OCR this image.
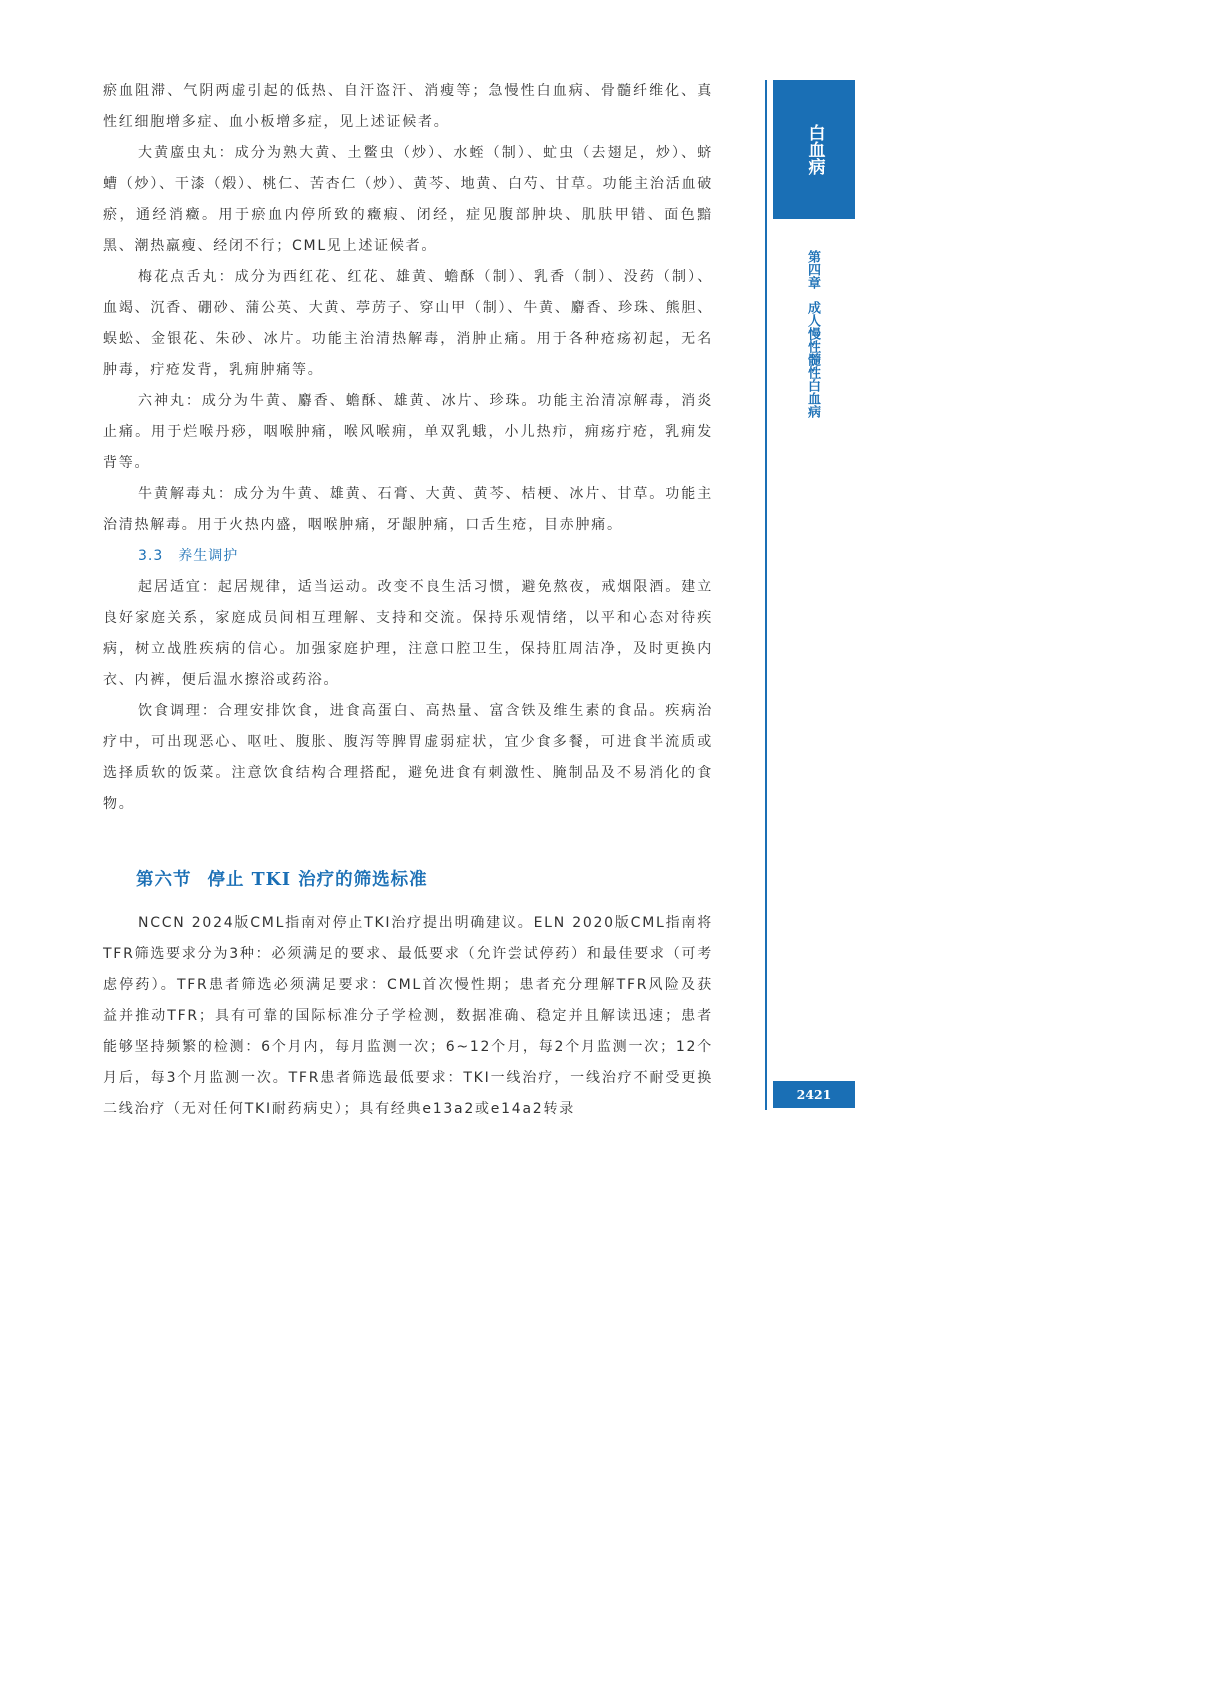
瘀血阻滞、气阴两虚引起的低热、自汗盗汗、消瘦等；急慢性白血病、骨髓纤维化、真性红细胞增多症、血小板增多症，见上述证候者。

大黄䗪虫丸：成分为熟大黄、土鳖虫（炒）、水蛭（制）、虻虫（去翅足，炒）、蛴螬（炒）、干漆（煅）、桃仁、苦杏仁（炒）、黄芩、地黄、白芍、甘草。功能主治活血破瘀，通经消癥。用于瘀血内停所致的癥瘕、闭经，症见腹部肿块、肌肤甲错、面色黯黑、潮热羸瘦、经闭不行；CML见上述证候者。

梅花点舌丸：成分为西红花、红花、雄黄、蟾酥（制）、乳香（制）、没药（制）、血竭、沉香、硼砂、蒲公英、大黄、葶苈子、穿山甲（制）、牛黄、麝香、珍珠、熊胆、蜈蚣、金银花、朱砂、冰片。功能主治清热解毒，消肿止痛。用于各种疮疡初起，无名肿毒，疔疮发背，乳痈肿痛等。

六神丸：成分为牛黄、麝香、蟾酥、雄黄、冰片、珍珠。功能主治清凉解毒，消炎止痛。用于烂喉丹痧，咽喉肿痛，喉风喉痈，单双乳蛾，小儿热疖，痈疡疔疮，乳痈发背等。

牛黄解毒丸：成分为牛黄、雄黄、石膏、大黄、黄芩、桔梗、冰片、甘草。功能主治清热解毒。用于火热内盛，咽喉肿痛，牙龈肿痛，口舌生疮，目赤肿痛。

3.3　养生调护

起居适宜：起居规律，适当运动。改变不良生活习惯，避免熬夜，戒烟限酒。建立良好家庭关系，家庭成员间相互理解、支持和交流。保持乐观情绪，以平和心态对待疾病，树立战胜疾病的信心。加强家庭护理，注意口腔卫生，保持肛周洁净，及时更换内衣、内裤，便后温水擦浴或药浴。

饮食调理：合理安排饮食，进食高蛋白、高热量、富含铁及维生素的食品。疾病治疗中，可出现恶心、呕吐、腹胀、腹泻等脾胃虚弱症状，宜少食多餐，可进食半流质或选择质软的饭菜。注意饮食结构合理搭配，避免进食有刺激性、腌制品及不易消化的食物。

第六节 停止 TKI 治疗的筛选标准

NCCN 2024版CML指南对停止TKI治疗提出明确建议。ELN 2020版CML指南将TFR筛选要求分为3种：必须满足的要求、最低要求（允许尝试停药）和最佳要求（可考虑停药）。TFR患者筛选必须满足要求：CML首次慢性期；患者充分理解TFR风险及获益并推动TFR；具有可靠的国际标准分子学检测，数据准确、稳定并且解读迅速；患者能够坚持频繁的检测：6个月内，每月监测一次；6~12个月，每2个月监测一次；12个月后，每3个月监测一次。TFR患者筛选最低要求：TKI一线治疗，一线治疗不耐受更换二线治疗（无对任何TKI耐药病史）；具有经典e13a2或e14a2转录

白血病
第四章成人慢性髓性白血病
2421
